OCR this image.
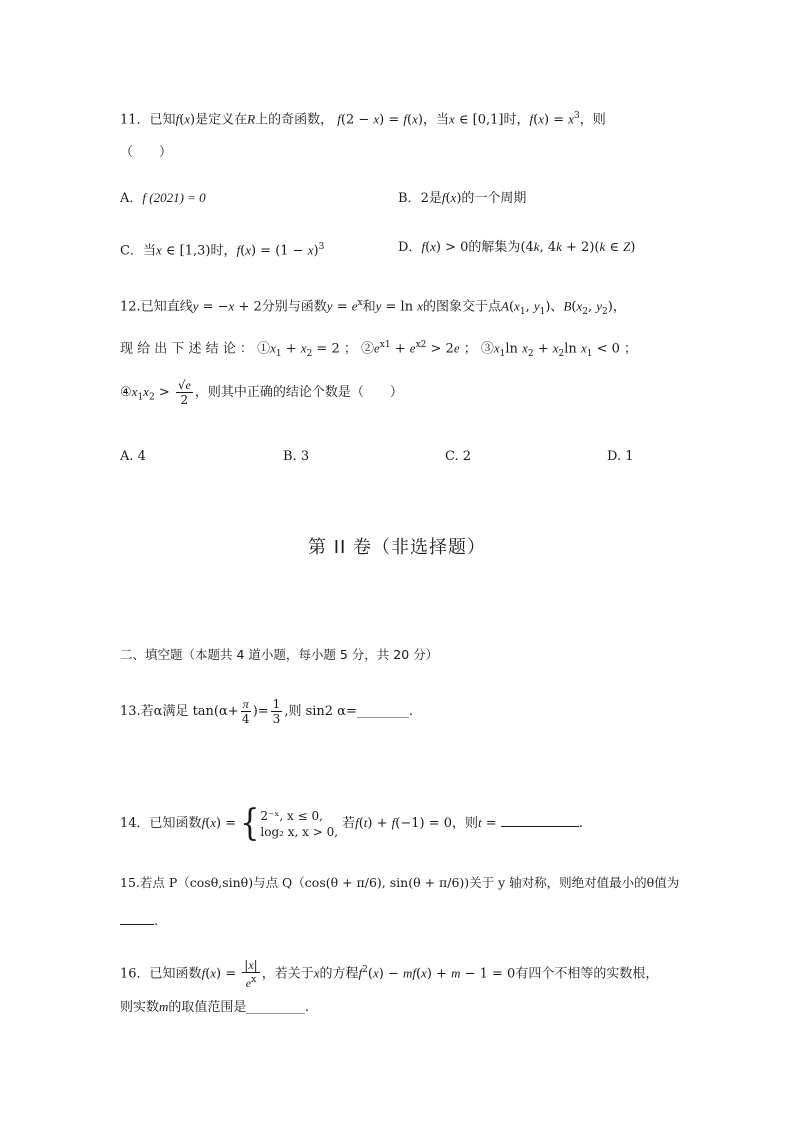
11．已知f(x)是定义在R上的奇函数， f(2 − x) = f(x)，当x ∈ [0,1]时，$f(x) = x^3$，则
（　　）
A．f (2021) = 0	B．2是f(x)的一个周期
C．当x ∈ [1,3)时，$f(x) = (1 - x)^3$	D．f(x) > 0的解集为(4k, 4k + 2)(k ∈ Z)
12.已知直线y = −x + 2分别与函数$y = e^x$和y = ln x的图象交于点$A(x_1$, $y_1$)、$B(x_2$, $y_2$)，
现 给 出 下 述 结 论 ： $①x_1 + x_2 = 2$ ； $②e^{x1} + e^{x2} > 2e$ ； $③x_1\ln$ $x_2 + x_2\ln$ $x_1 < 0$ ；
$④x_1x_2 > \frac{√e}{2}$ ，则其中正确的结论个数是（　　）
A. 4	B. 3	C. 2	D. 1
第 II 卷（非选择题）
二、填空题（本题共 4 道小题，每小题 5 分，共 20 分）
13.若α满足 $\tan(\alpha+ \frac{\pi}{4}$ )= $\frac{1}{3}$ ,则 sin2 α=________.
14．已知函数f(x) = { 2⁻ˣ, x ≤ 0,
log₂ x, x > 0,
若f(t) + f(−1) = 0，则t =	.
15.若点 P（cosθ,sinθ)与点 Q（cos(θ + π/6), sin(θ + π/6))关于 y 轴对称，则绝对值最小的θ值为
.
16．已知函数$f(x) = \frac{|x|}{e^x}$ ，若关于x的方程$f^2(x) - mf(x) + m - 1 = 0$有四个不相等的实数根，
则实数m的取值范围是_________.
